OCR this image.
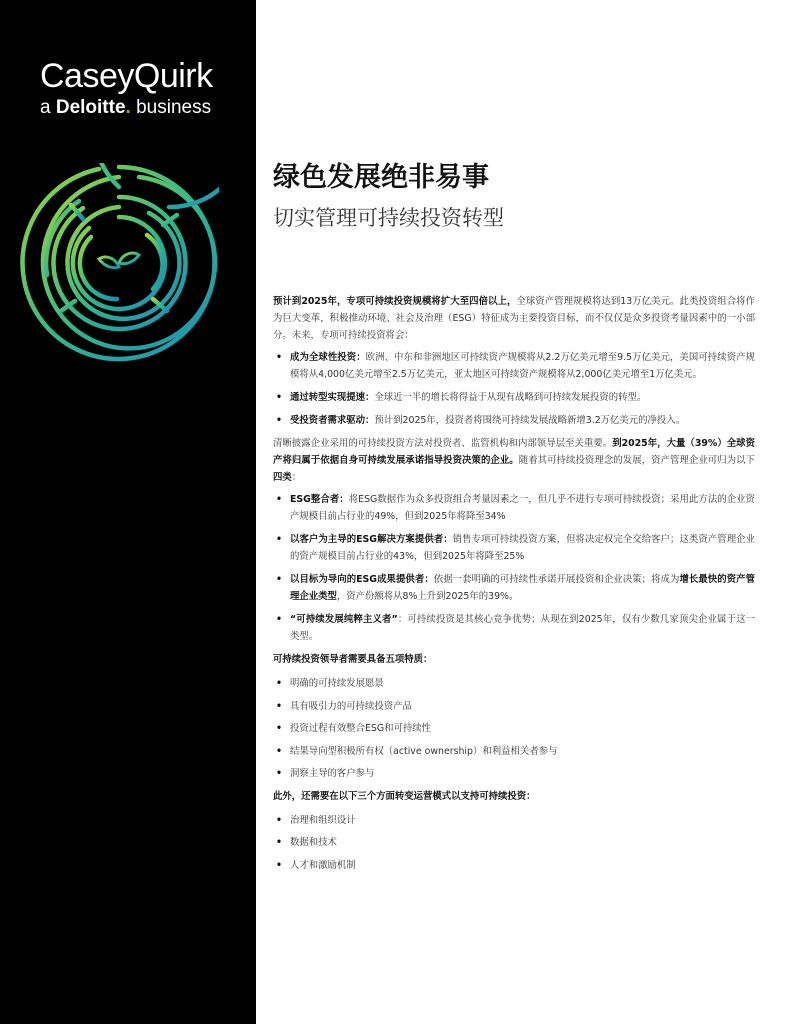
CaseyQuirk
a Deloitte. business
绿色发展绝非易事
切实管理可持续投资转型

预计到2025年，专项可持续投资规模将扩大至四倍以上，全球资产管理规模将达到13万亿美元。此类投资组合将作为巨大变革，积极推动环境、社会及治理（ESG）特征成为主要投资目标，而不仅仅是众多投资考量因素中的一小部分。未来，专项可持续投资将会：

• 成为全球性投资：欧洲、中东和非洲地区可持续资产规模将从2.2万亿美元增至9.5万亿美元，美国可持续资产规模将从4,000亿美元增至2.5万亿美元，亚太地区可持续资产规模将从2,000亿美元增至1万亿美元。
• 通过转型实现提速：全球近一半的增长将得益于从现有战略到可持续发展投资的转型。
• 受投资者需求驱动：预计到2025年，投资者将围绕可持续发展战略新增3.2万亿美元的净投入。

清晰披露企业采用的可持续投资方法对投资者、监管机构和内部领导层至关重要。到2025年，大量（39%）全球资产将归属于依据自身可持续发展承诺指导投资决策的企业。随着其可持续投资理念的发展，资产管理企业可归为以下四类：

• ESG整合者：将ESG数据作为众多投资组合考量因素之一，但几乎不进行专项可持续投资；采用此方法的企业资产规模目前占行业的49%，但到2025年将降至34%
• 以客户为主导的ESG解决方案提供者：销售专项可持续投资方案，但将决定权完全交给客户；这类资产管理企业的资产规模目前占行业的43%，但到2025年将降至25%
• 以目标为导向的ESG成果提供者：依据一套明确的可持续性承诺开展投资和企业决策；将成为增长最快的资产管理企业类型，资产份额将从8%上升到2025年的39%。
• “可持续发展纯粹主义者”：可持续投资是其核心竞争优势；从现在到2025年，仅有少数几家顶尖企业属于这一类型。

可持续投资领导者需要具备五项特质：

• 明确的可持续发展愿景
• 具有吸引力的可持续投资产品
• 投资过程有效整合ESG和可持续性
• 结果导向型积极所有权（active ownership）和利益相关者参与
• 洞察主导的客户参与

此外，还需要在以下三个方面转变运营模式以支持可持续投资：

• 治理和组织设计
• 数据和技术
• 人才和激励机制
